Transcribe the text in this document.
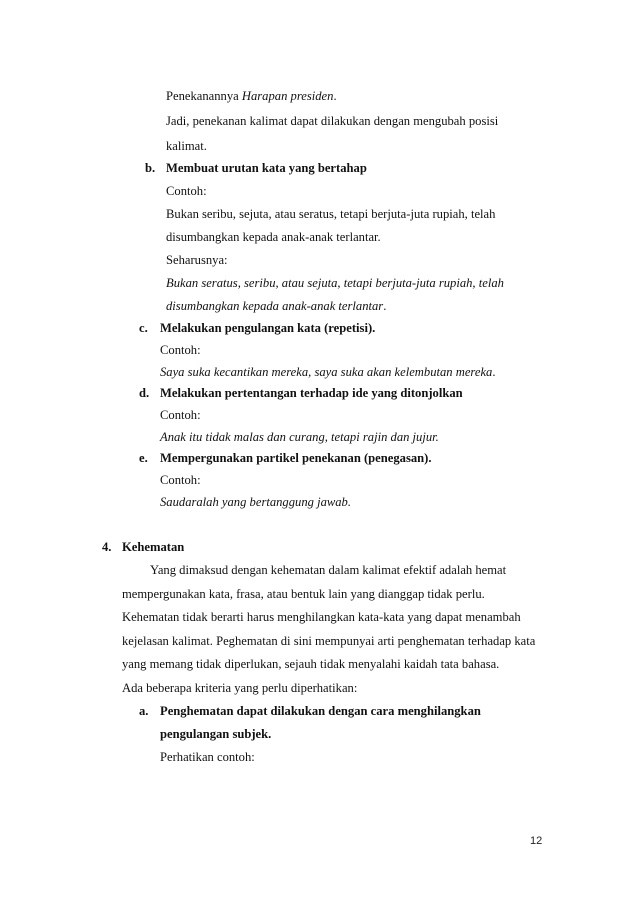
Penekanannya Harapan presiden.
Jadi, penekanan kalimat dapat dilakukan dengan mengubah posisi
kalimat.
b. Membuat urutan kata yang bertahap
Contoh:
Bukan seribu, sejuta, atau seratus, tetapi berjuta-juta rupiah, telah
disumbangkan kepada anak-anak terlantar.
Seharusnya:
Bukan seratus, seribu, atau sejuta, tetapi berjuta-juta rupiah, telah
disumbangkan kepada anak-anak terlantar.
c. Melakukan pengulangan kata (repetisi).
Contoh:
Saya suka kecantikan mereka, saya suka akan kelembutan mereka.
d. Melakukan pertentangan terhadap ide yang ditonjolkan
Contoh:
Anak itu tidak malas dan curang, tetapi rajin dan jujur.
e. Mempergunakan partikel penekanan (penegasan).
Contoh:
Saudaralah yang bertanggung jawab.
4. Kehematan
Yang dimaksud dengan kehematan dalam kalimat efektif adalah hemat
mempergunakan kata, frasa, atau bentuk lain yang dianggap tidak perlu.
Kehematan tidak berarti harus menghilangkan kata-kata yang dapat menambah
kejelasan kalimat. Peghematan di sini mempunyai arti penghematan terhadap kata
yang memang tidak diperlukan, sejauh tidak menyalahi kaidah tata bahasa.
Ada beberapa kriteria yang perlu diperhatikan:
a. Penghematan dapat dilakukan dengan cara menghilangkan
pengulangan subjek.
Perhatikan contoh:
12
